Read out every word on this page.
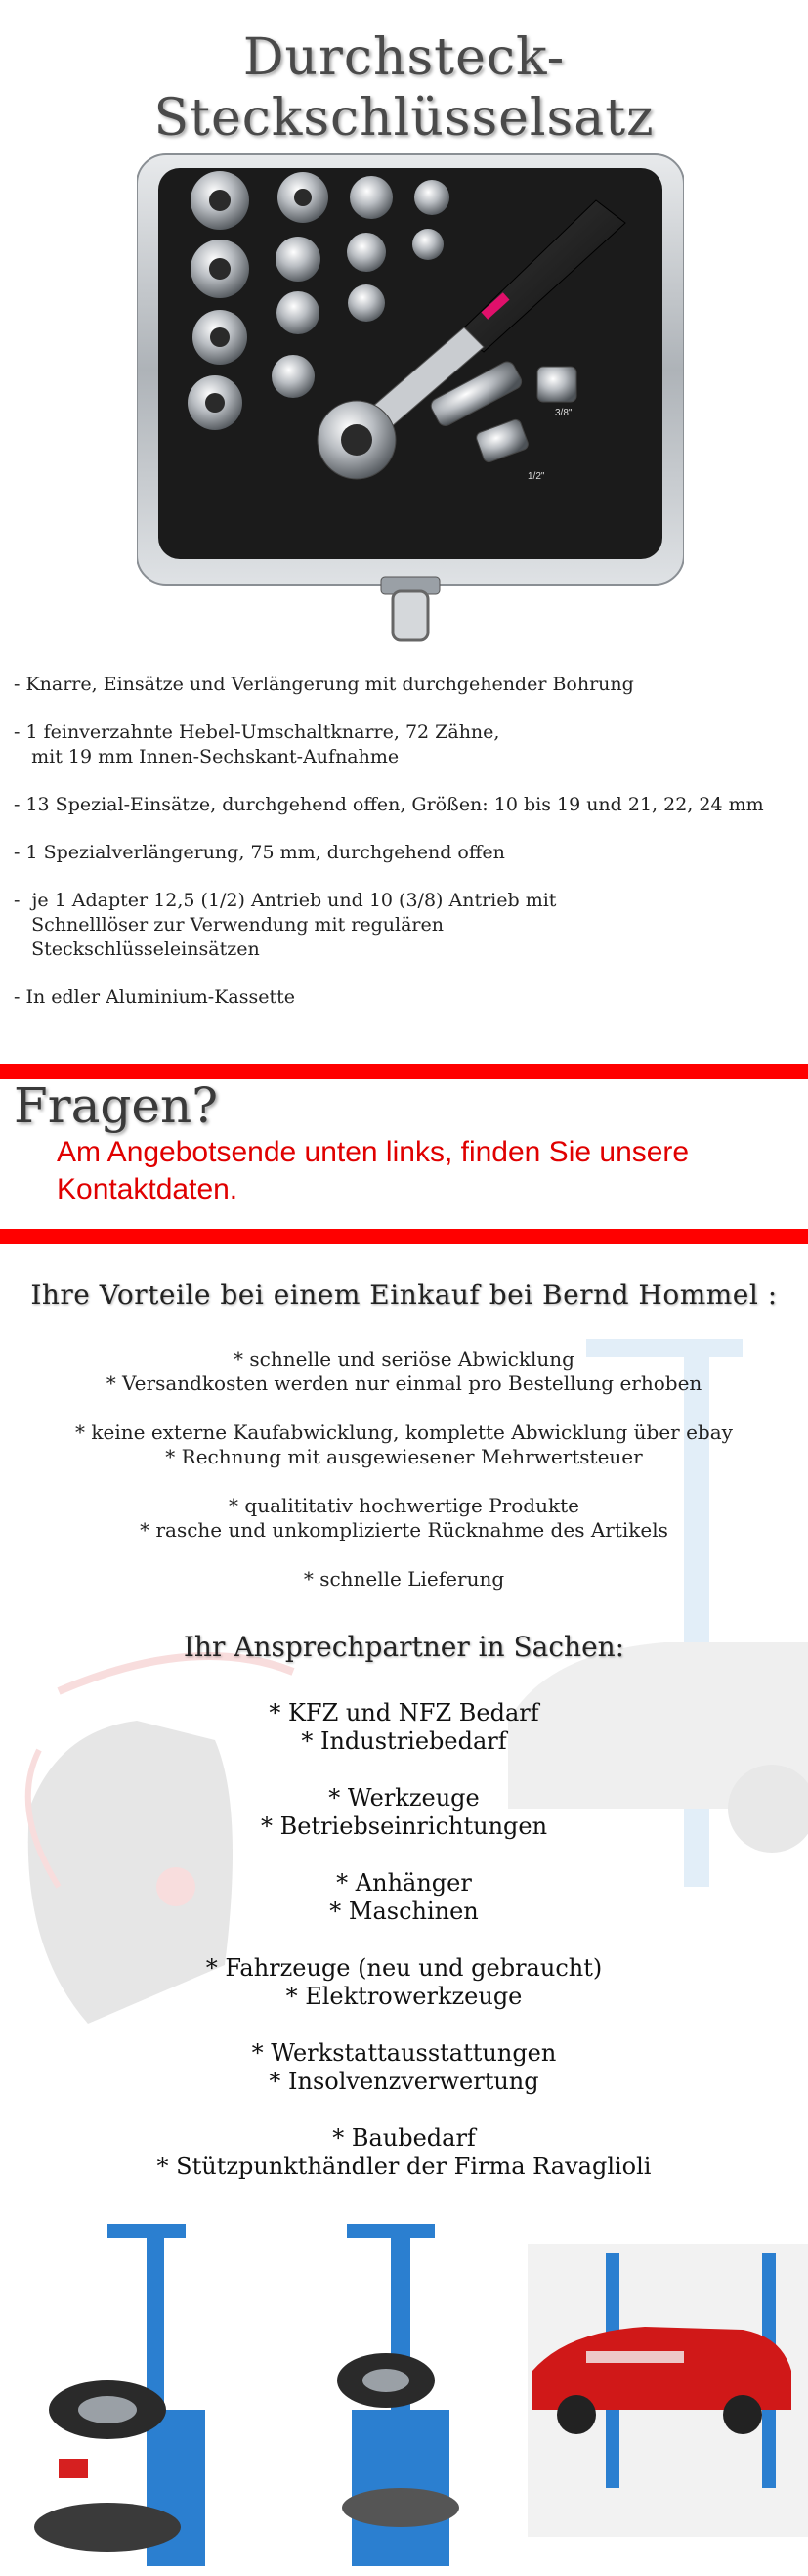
Durchsteck-Steckschlüsselsatz
3/8"
1/2"
- Knarre, Einsätze und Verlängerung mit durchgehender Bohrung
- 1 feinverzahnte Hebel-Umschaltknarre, 72 Zähne,
mit 19 mm Innen-Sechskant-Aufnahme
- 13 Spezial-Einsätze, durchgehend offen, Größen: 10 bis 19 und 21, 22, 24 mm
- 1 Spezialverlängerung, 75 mm, durchgehend offen
-  je 1 Adapter 12,5 (1/2) Antrieb und 10 (3/8) Antrieb mit
Schnelllöser zur Verwendung mit regulären
Steckschlüsseleinsätzen
- In edler Aluminium-Kassette
Fragen?
Am Angebotsende unten links, finden Sie unsere Kontaktdaten.
Ihre Vorteile bei einem Einkauf bei Bernd Hommel :
* schnelle und seriöse Abwicklung
* Versandkosten werden nur einmal pro Bestellung erhoben
* keine externe Kaufabwicklung, komplette Abwicklung über ebay
* Rechnung mit ausgewiesener Mehrwertsteuer
* qualititativ hochwertige Produkte
* rasche und unkomplizierte Rücknahme des Artikels
* schnelle Lieferung
Ihr Ansprechpartner in Sachen:
* KFZ und NFZ Bedarf
* Industriebedarf
* Werkzeuge
* Betriebseinrichtungen
* Anhänger
* Maschinen
* Fahrzeuge (neu und gebraucht)
* Elektrowerkzeuge
* Werkstattausstattungen
* Insolvenzverwertung
* Baubedarf
* Stützpunkthändler der Firma Ravaglioli
